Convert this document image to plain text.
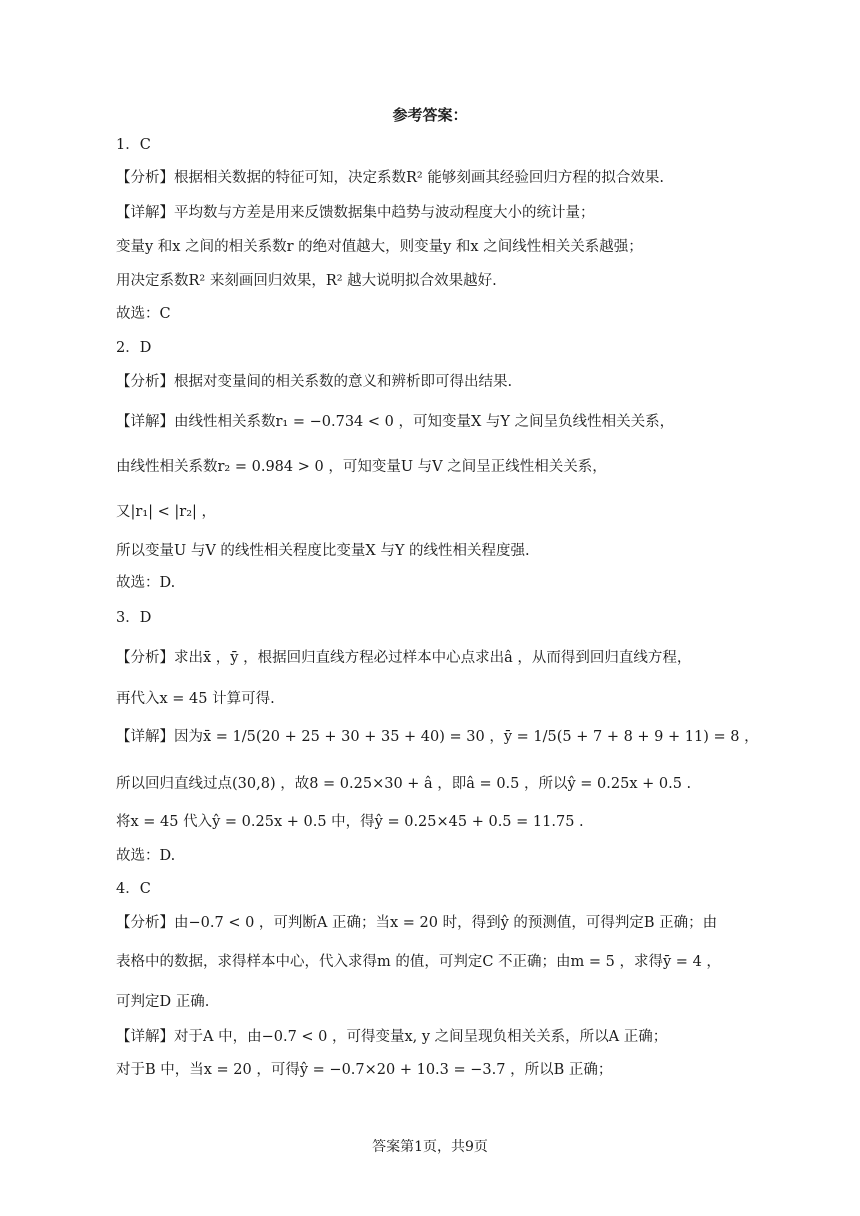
参考答案：
1．C
【分析】根据相关数据的特征可知，决定系数R² 能够刻画其经验回归方程的拟合效果.
【详解】平均数与方差是用来反馈数据集中趋势与波动程度大小的统计量；
变量y 和x 之间的相关系数r 的绝对值越大，则变量y 和x 之间线性相关关系越强；
用决定系数R² 来刻画回归效果，R² 越大说明拟合效果越好.
故选：C
2．D
【分析】根据对变量间的相关系数的意义和辨析即可得出结果.
【详解】由线性相关系数r₁ = −0.734 < 0 ，可知变量X 与Y 之间呈负线性相关关系，
由线性相关系数r₂ = 0.984 > 0 ，可知变量U 与V 之间呈正线性相关关系，
又|r₁| < |r₂| ，
所以变量U 与V 的线性相关程度比变量X 与Y 的线性相关程度强.
故选：D.
3．D
【分析】求出x̄ ，ȳ ，根据回归直线方程必过样本中心点求出â ，从而得到回归直线方程，
再代入x = 45 计算可得.
【详解】因为x̄ = 1/5(20 + 25 + 30 + 35 + 40) = 30 ，ȳ = 1/5(5 + 7 + 8 + 9 + 11) = 8 ，
所以回归直线过点(30,8) ，故8 = 0.25×30 + â ，即â = 0.5 ，所以ŷ = 0.25x + 0.5 .
将x = 45 代入ŷ = 0.25x + 0.5 中，得ŷ = 0.25×45 + 0.5 = 11.75 .
故选：D.
4．C
【分析】由−0.7 < 0 ，可判断A 正确；当x = 20 时，得到ŷ 的预测值，可得判定B 正确；由
表格中的数据，求得样本中心，代入求得m 的值，可判定C 不正确；由m = 5 ，求得ȳ = 4 ，
可判定D 正确.
【详解】对于A 中，由−0.7 < 0 ，可得变量x, y 之间呈现负相关关系，所以A 正确；
对于B 中，当x = 20 ，可得ŷ = −0.7×20 + 10.3 = −3.7 ，所以B 正确；
答案第1页，共9页
